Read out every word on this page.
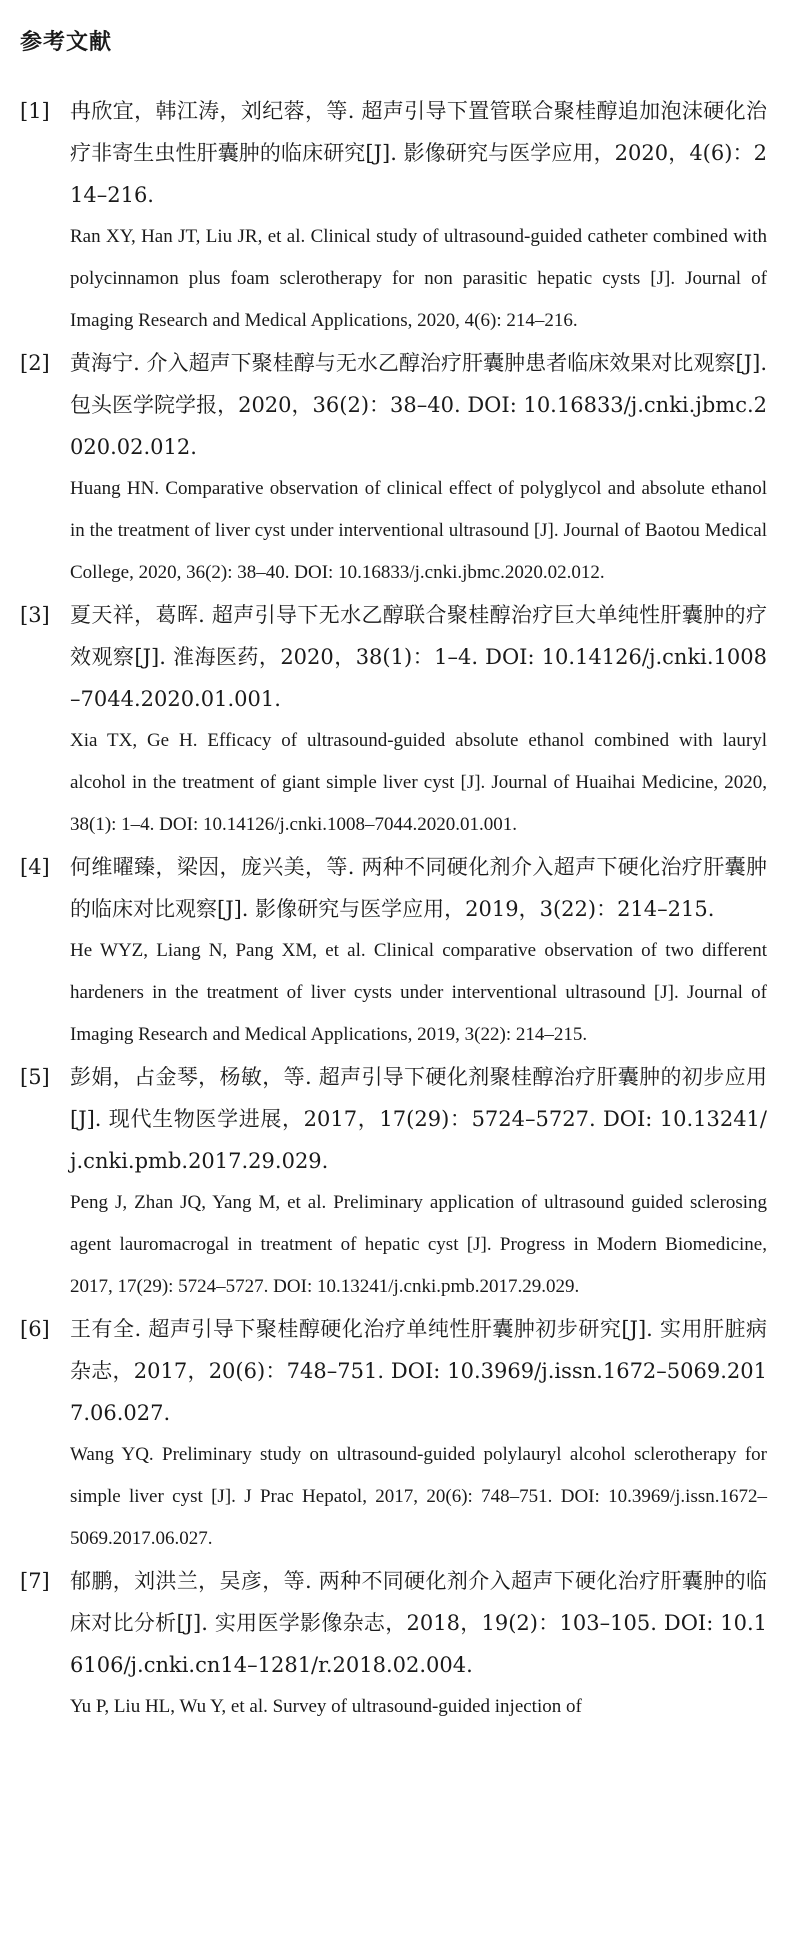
参考文献
[1] 冉欣宜，韩江涛，刘纪蓉，等. 超声引导下置管联合聚桂醇追加泡沫硬化治疗非寄生虫性肝囊肿的临床研究[J]. 影像研究与医学应用，2020，4(6)：214–216.

Ran XY, Han JT, Liu JR, et al. Clinical study of ultrasound-guided catheter combined with polycinnamon plus foam sclerotherapy for non parasitic hepatic cysts [J]. Journal of Imaging Research and Medical Applications, 2020, 4(6): 214–216.

[2] 黄海宁. 介入超声下聚桂醇与无水乙醇治疗肝囊肿患者临床效果对比观察[J]. 包头医学院学报，2020，36(2)：38–40. DOI: 10.16833/j.cnki.jbmc.2020.02.012.

Huang HN. Comparative observation of clinical effect of polyglycol and absolute ethanol in the treatment of liver cyst under interventional ultrasound [J]. Journal of Baotou Medical College, 2020, 36(2): 38–40. DOI: 10.16833/j.cnki.jbmc.2020.02.012.

[3] 夏天祥，葛晖. 超声引导下无水乙醇联合聚桂醇治疗巨大单纯性肝囊肿的疗效观察[J]. 淮海医药，2020，38(1)：1–4. DOI: 10.14126/j.cnki.1008–7044.2020.01.001.

Xia TX, Ge H. Efficacy of ultrasound-guided absolute ethanol combined with lauryl alcohol in the treatment of giant simple liver cyst [J]. Journal of Huaihai Medicine, 2020, 38(1): 1–4. DOI: 10.14126/j.cnki.1008–7044.2020.01.001.

[4] 何维曜臻，梁因，庞兴美，等. 两种不同硬化剂介入超声下硬化治疗肝囊肿的临床对比观察[J]. 影像研究与医学应用，2019，3(22)：214–215.

He WYZ, Liang N, Pang XM, et al. Clinical comparative observation of two different hardeners in the treatment of liver cysts under interventional ultrasound [J]. Journal of Imaging Research and Medical Applications, 2019, 3(22): 214–215.

[5] 彭娟，占金琴，杨敏，等. 超声引导下硬化剂聚桂醇治疗肝囊肿的初步应用[J]. 现代生物医学进展，2017，17(29)：5724–5727. DOI: 10.13241/j.cnki.pmb.2017.29.029.

Peng J, Zhan JQ, Yang M, et al. Preliminary application of ultrasound guided sclerosing agent lauromacrogal in treatment of hepatic cyst [J]. Progress in Modern Biomedicine, 2017, 17(29): 5724–5727. DOI: 10.13241/j.cnki.pmb.2017.29.029.

[6] 王有全. 超声引导下聚桂醇硬化治疗单纯性肝囊肿初步研究[J]. 实用肝脏病杂志，2017，20(6)：748–751. DOI: 10.3969/j.issn.1672–5069.2017.06.027.

Wang YQ. Preliminary study on ultrasound-guided polylauryl alcohol sclerotherapy for simple liver cyst [J]. J Prac Hepatol, 2017, 20(6): 748–751. DOI: 10.3969/j.issn.1672–5069.2017.06.027.

[7] 郁鹏，刘洪兰，吴彦，等. 两种不同硬化剂介入超声下硬化治疗肝囊肿的临床对比分析[J]. 实用医学影像杂志，2018，19(2)：103–105. DOI: 10.16106/j.cnki.cn14–1281/r.2018.02.004.

Yu P, Liu HL, Wu Y, et al. Survey of ultrasound-guided injection of
